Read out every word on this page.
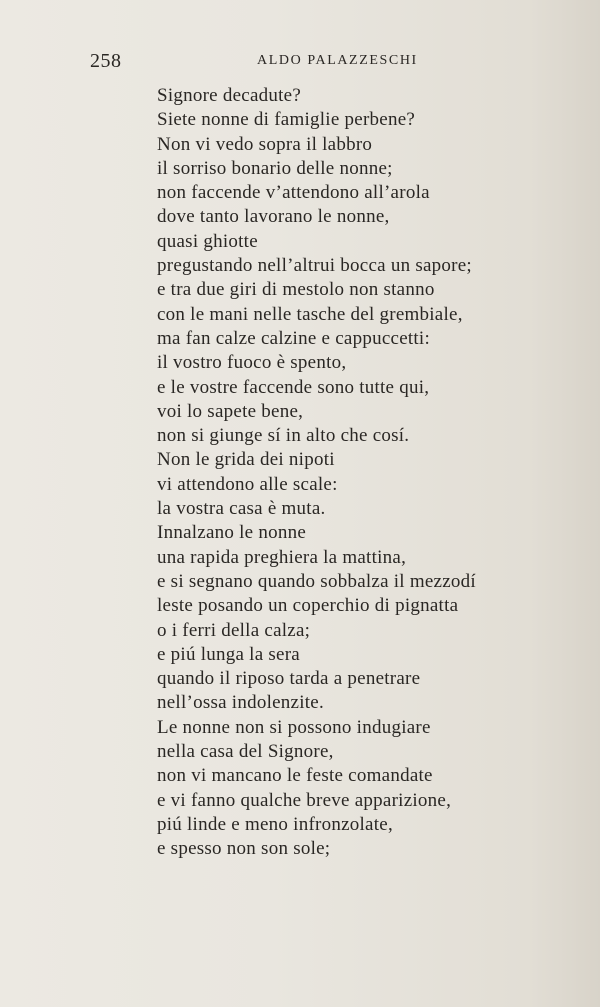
258	ALDO PALAZZESCHI
Signore decadute?
Siete nonne di famiglie perbene?
Non vi vedo sopra il labbro
il sorriso bonario delle nonne;
non faccende v’attendono all’arola
dove tanto lavorano le nonne,
quasi ghiotte
pregustando nell’altrui bocca un sapore;
e tra due giri di mestolo non stanno
con le mani nelle tasche del grembiale,
ma fan calze calzine e cappuccetti:
il vostro fuoco è spento,
e le vostre faccende sono tutte qui,
voi lo sapete bene,
non si giunge sí in alto che cosí.
Non le grida dei nipoti
vi attendono alle scale:
la vostra casa è muta.
Innalzano le nonne
una rapida preghiera la mattina,
e si segnano quando sobbalza il mezzodí
leste posando un coperchio di pignatta
o i ferri della calza;
e piú lunga la sera
quando il riposo tarda a penetrare
nell’ossa indolenzite.
Le nonne non si possono indugiare
nella casa del Signore,
non vi mancano le feste comandate
e vi fanno qualche breve apparizione,
piú linde e meno infronzolate,
e spesso non son sole;
